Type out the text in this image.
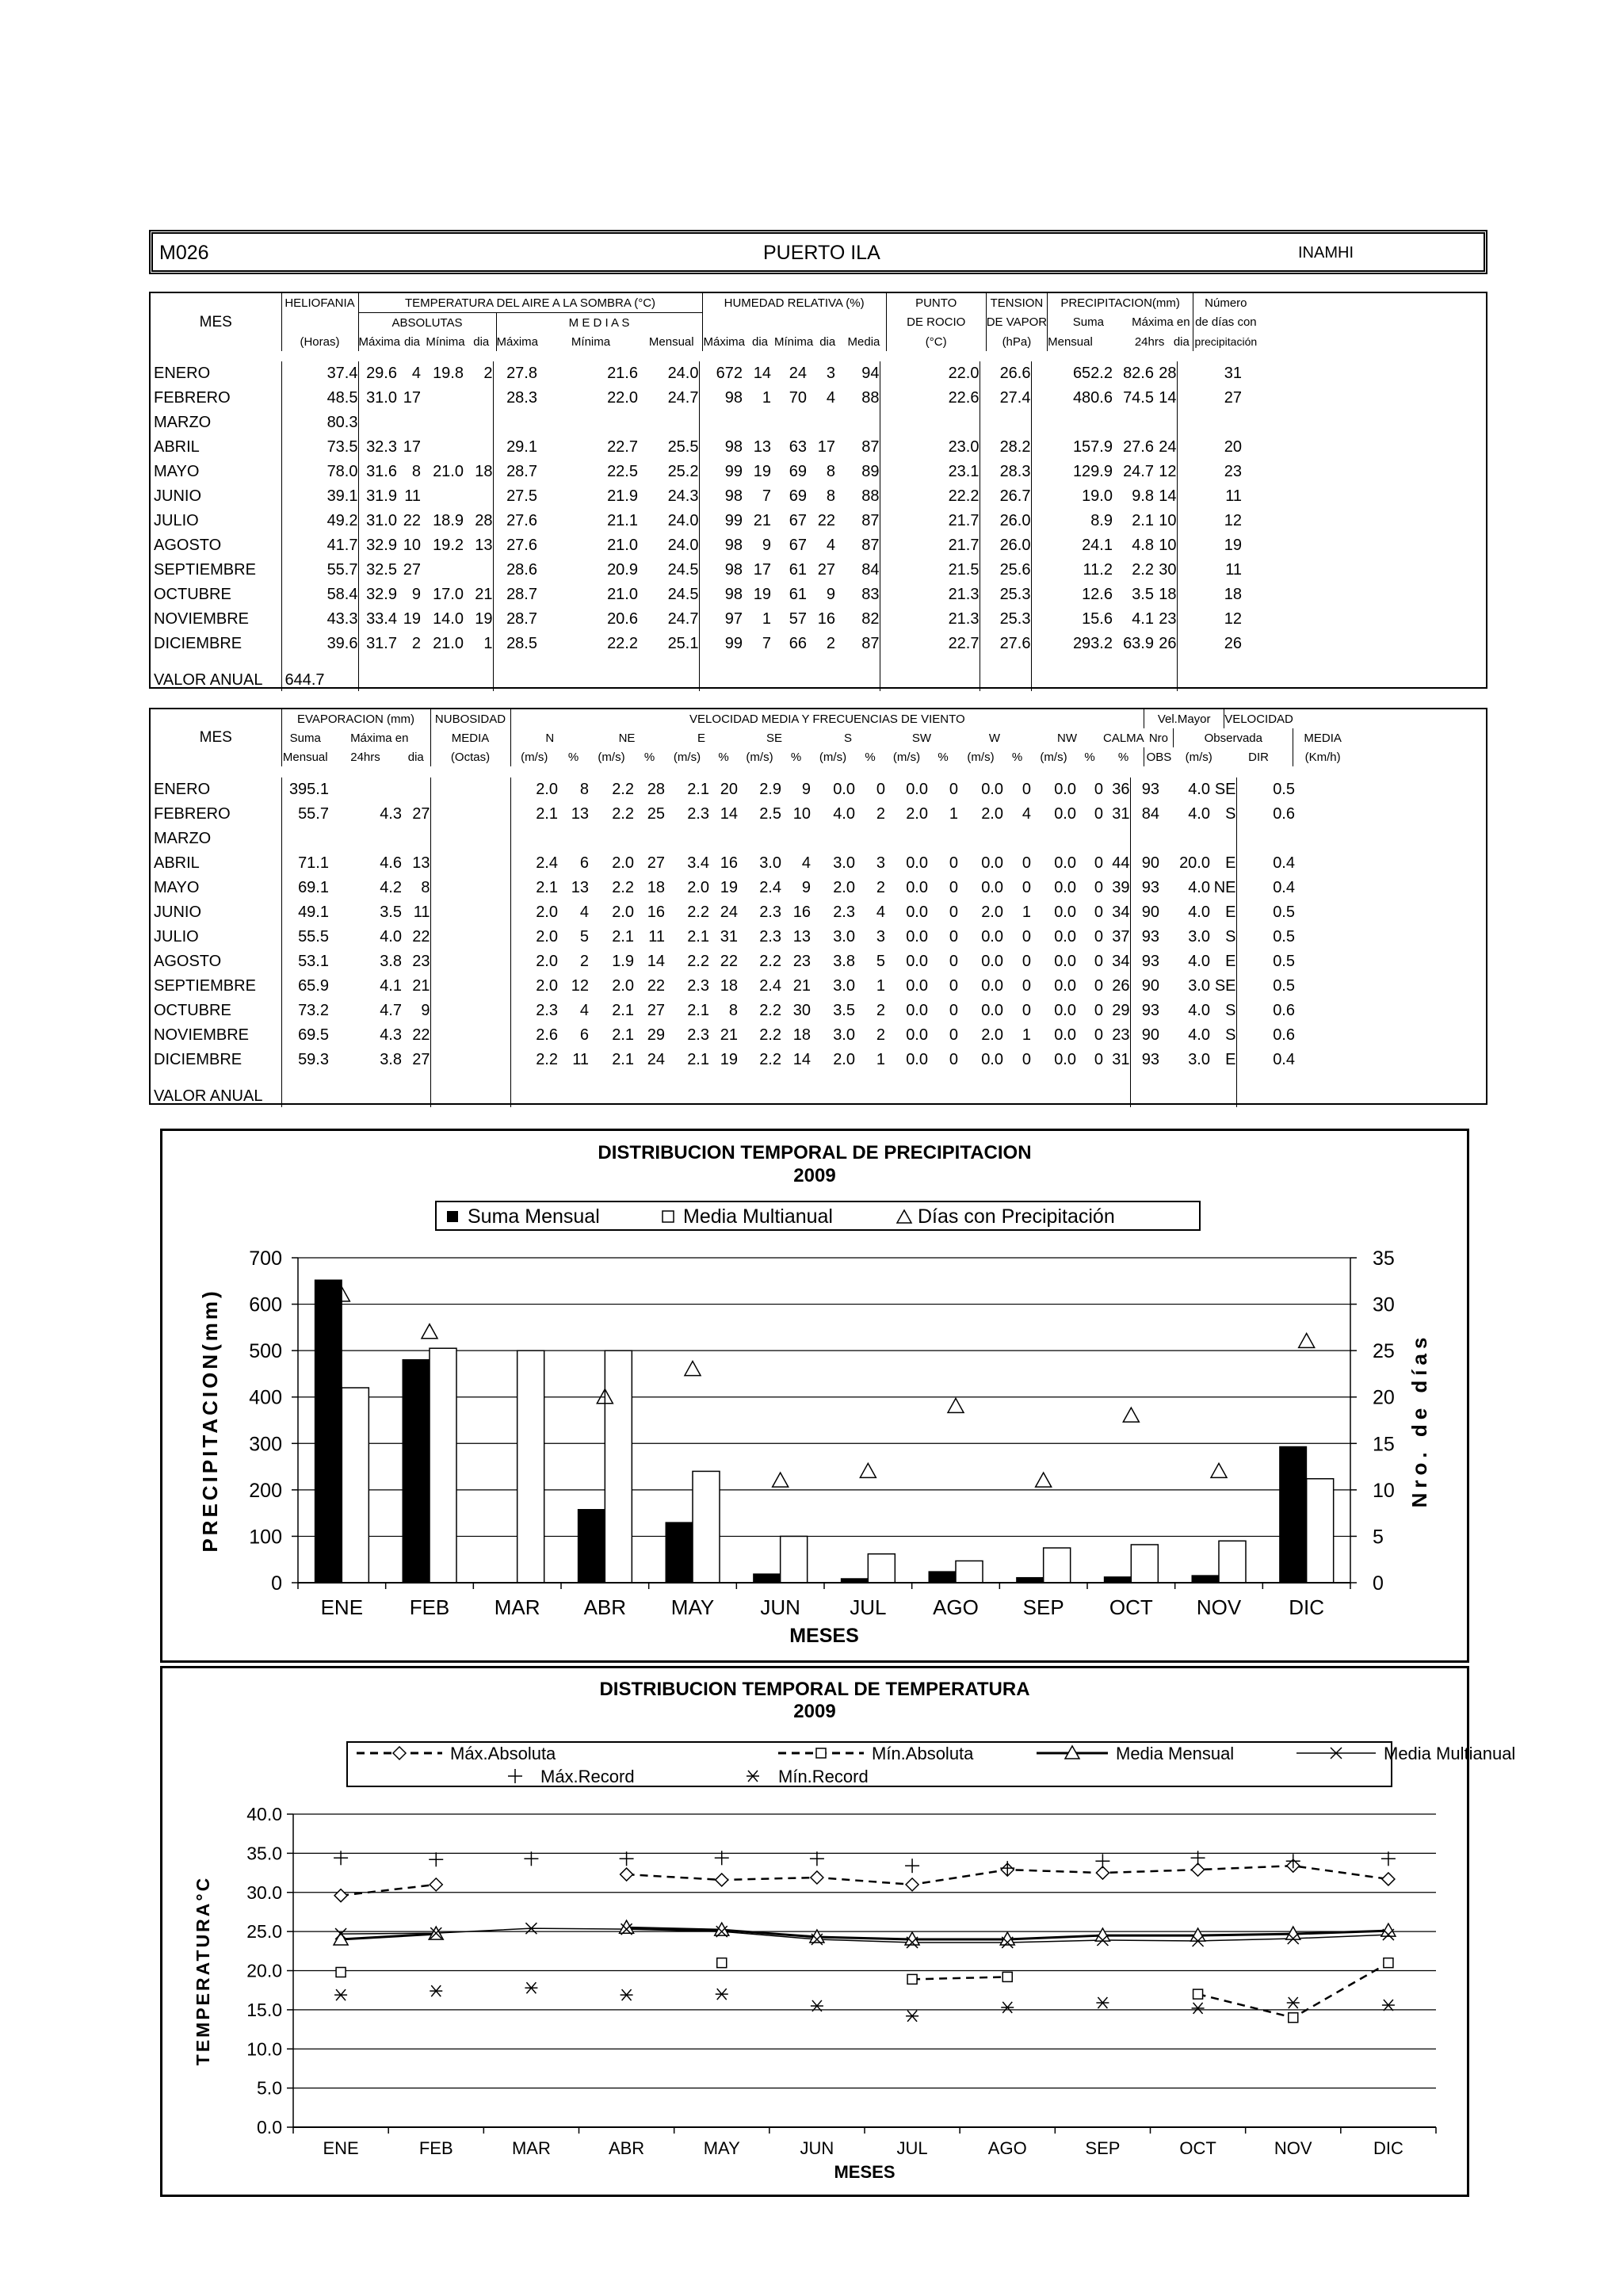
M026	PUERTO ILA	INAMHI
	HELIOFANIA	TEMPERATURA DEL AIRE A LA SOMBRA (°C)							HUMEDAD RELATIVA (%)					PUNTO	TENSION	PRECIPITACION(mm)			Número
MES		ABSOLUTAS				M E D I A S								DE ROCIO	DE VAPOR	Suma	Máxima en		de días con
	(Horas)	Máxima	dia	Mínima	dia	Máxima	Mínima	Mensual	Máxima	dia	Mínima	dia	Media	(°C)	(hPa)	Mensual	24hrs	dia	precipitación
ENERO	37.4	29.6	4	19.8	2	27.8	21.6	24.0	672	14	24	3	94	22.0	26.6	652.2	82.6	28	31
FEBRERO	48.5	31.0	17			28.3	22.0	24.7	98	1	70	4	88	22.6	27.4	480.6	74.5	14	27
MARZO	80.3																		
ABRIL	73.5	32.3	17			29.1	22.7	25.5	98	13	63	17	87	23.0	28.2	157.9	27.6	24	20
MAYO	78.0	31.6	8	21.0	18	28.7	22.5	25.2	99	19	69	8	89	23.1	28.3	129.9	24.7	12	23
JUNIO	39.1	31.9	11			27.5	21.9	24.3	98	7	69	8	88	22.2	26.7	19.0	9.8	14	11
JULIO	49.2	31.0	22	18.9	28	27.6	21.1	24.0	99	21	67	22	87	21.7	26.0	8.9	2.1	10	12
AGOSTO	41.7	32.9	10	19.2	13	27.6	21.0	24.0	98	9	67	4	87	21.7	26.0	24.1	4.8	10	19
SEPTIEMBRE	55.7	32.5	27			28.6	20.9	24.5	98	17	61	27	84	21.5	25.6	11.2	2.2	30	11
OCTUBRE	58.4	32.9	9	17.0	21	28.7	21.0	24.5	98	19	61	9	83	21.3	25.3	12.6	3.5	18	18
NOVIEMBRE	43.3	33.4	19	14.0	19	28.7	20.6	24.7	97	1	57	16	82	21.3	25.3	15.6	4.1	23	12
DICIEMBRE	39.6	31.7	2	21.0	1	28.5	22.2	25.1	99	7	66	2	87	22.7	27.6	293.2	63.9	26	26
VALOR ANUAL	644.7																		
	EVAPORACION (mm)			NUBOSIDAD	VELOCIDAD MEDIA Y FRECUENCIAS DE VIENTO																	Vel.Mayor		VELOCIDAD	
MES	Suma	Máxima en		MEDIA	N		NE		E		SE		S		SW		W		NW		CALMA	Nro	Observada		MEDIA
	Mensual	24hrs	dia	(Octas)	(m/s)	%	(m/s)	%	(m/s)	%	(m/s)	%	(m/s)	%	(m/s)	%	(m/s)	%	(m/s)	%	%	OBS	(m/s)	DIR	(Km/h)
ENERO	395.1				2.0	8	2.2	28	2.1	20	2.9	9	0.0	0	0.0	0	0.0	0	0.0	0	36	93	4.0	SE	0.5
FEBRERO	55.7	4.3	27		2.1	13	2.2	25	2.3	14	2.5	10	4.0	2	2.0	1	2.0	4	0.0	0	31	84	4.0	S	0.6
MARZO																									
ABRIL	71.1	4.6	13		2.4	6	2.0	27	3.4	16	3.0	4	3.0	3	0.0	0	0.0	0	0.0	0	44	90	20.0	E	0.4
MAYO	69.1	4.2	8		2.1	13	2.2	18	2.0	19	2.4	9	2.0	2	0.0	0	0.0	0	0.0	0	39	93	4.0	NE	0.4
JUNIO	49.1	3.5	11		2.0	4	2.0	16	2.2	24	2.3	16	2.3	4	0.0	0	2.0	1	0.0	0	34	90	4.0	E	0.5
JULIO	55.5	4.0	22		2.0	5	2.1	11	2.1	31	2.3	13	3.0	3	0.0	0	0.0	0	0.0	0	37	93	3.0	S	0.5
AGOSTO	53.1	3.8	23		2.0	2	1.9	14	2.2	22	2.2	23	3.8	5	0.0	0	0.0	0	0.0	0	34	93	4.0	E	0.5
SEPTIEMBRE	65.9	4.1	21		2.0	12	2.0	22	2.3	18	2.4	21	3.0	1	0.0	0	0.0	0	0.0	0	26	90	3.0	SE	0.5
OCTUBRE	73.2	4.7	9		2.3	4	2.1	27	2.1	8	2.2	30	3.5	2	0.0	0	0.0	0	0.0	0	29	93	4.0	S	0.6
NOVIEMBRE	69.5	4.3	22		2.6	6	2.1	29	2.3	21	2.2	18	3.0	2	0.0	0	2.0	1	0.0	0	23	90	4.0	S	0.6
DICIEMBRE	59.3	3.8	27		2.2	11	2.1	24	2.1	19	2.2	14	2.0	1	0.0	0	0.0	0	0.0	0	31	93	3.0	E	0.4
VALOR ANUAL																									
DISTRIBUCION TEMPORAL DE PRECIPITACION
2009
Suma Mensual	Media Multianual	Días con Precipitación
0
100
200
300
400
500
600
700
0
5
10
15
20
25
30
35
ENE FEB MAR ABR MAY JUN JUL AGO SEP OCT NOV DIC
MESES
PRECIPITACION(mm)	Nro. de días
DISTRIBUCION TEMPORAL DE TEMPERATURA
2009
Máx.Absoluta	Mín.Absoluta	Media Mensual	Media Multianual
Máx.Record	Mín.Record
0.0
5.0
10.0
15.0
20.0
25.0
30.0
35.0
40.0
ENE	FEB	MAR	ABR	MAY	JUN	JUL	AGO	SEP	OCT	NOV	DIC
MESES
TEMPERATURA°C
